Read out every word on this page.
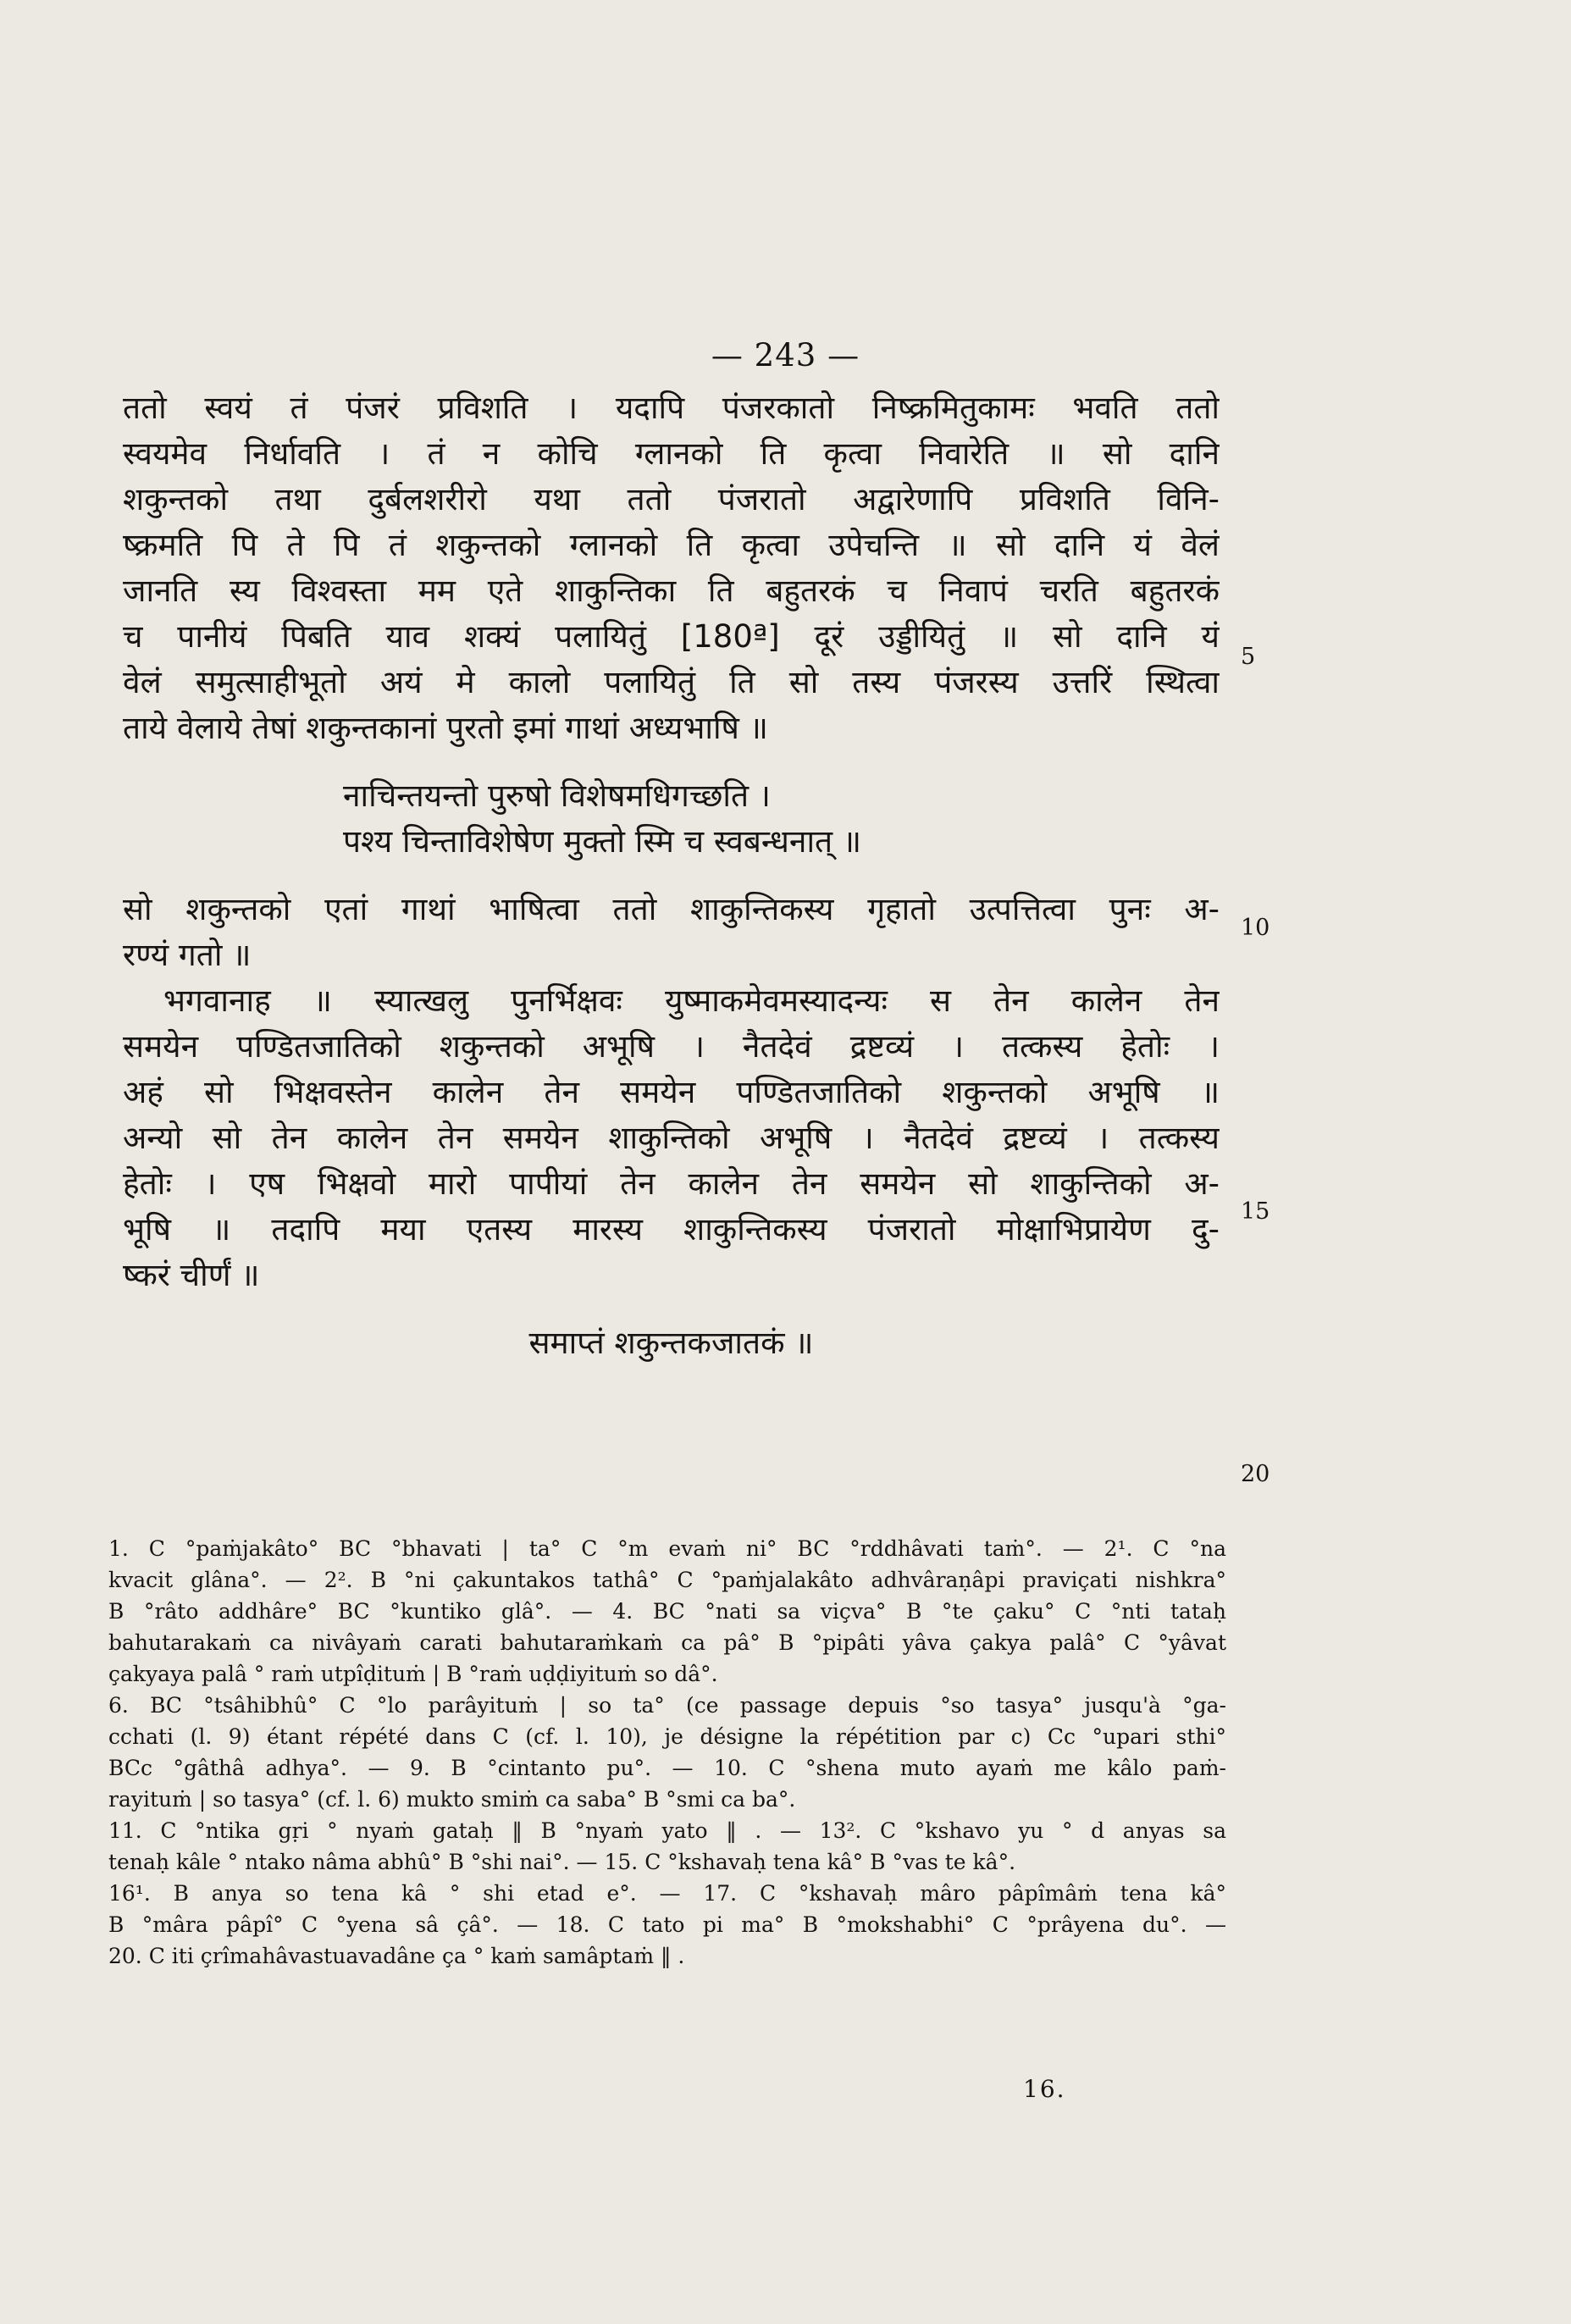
— 243 —
ततो स्वयं तं पंजरं प्रविशति । यदापि पंजरकातो निष्क्रमितुकामः भवति ततो
स्वयमेव निर्धावति । तं न कोचि ग्लानको ति कृत्वा निवारेति ॥ सो दानि
शकुन्तको तथा दुर्बलशरीरो यथा ततो पंजरातो अद्वारेणापि प्रविशति विनि-
ष्क्रमति पि ते पि तं शकुन्तको ग्लानको ति कृत्वा उपेचन्ति ॥ सो दानि यं वेलं
जानति स्य विश्वस्ता मम एते शाकुन्तिका ति बहुतरकं च निवापं चरति बहुतरकं
च पानीयं पिबति याव शक्यं पलायितुं [180ª] दूरं उड्डीयितुं ॥ सो दानि यं
वेलं समुत्साहीभूतो अयं मे कालो पलायितुं ति सो तस्य पंजरस्य उत्तरिं स्थित्वा
ताये वेलाये तेषां शकुन्तकानां पुरतो इमां गाथां अध्यभाषि ॥
नाचिन्तयन्तो पुरुषो विशेषमधिगच्छति ।
पश्य चिन्ताविशेषेण मुक्तो स्मि च स्वबन्धनात् ॥
सो शकुन्तको एतां गाथां भाषित्वा ततो शाकुन्तिकस्य गृहातो उत्पत्तित्वा पुनः अ-
रण्यं गतो ॥
भगवानाह ॥ स्यात्खलु पुनर्भिक्षवः युष्माकमेवमस्यादन्यः स तेन कालेन तेन
समयेन पण्डितजातिको शकुन्तको अभूषि । नैतदेवं द्रष्टव्यं । तत्कस्य हेतोः ।
अहं सो भिक्षवस्तेन कालेन तेन समयेन पण्डितजातिको शकुन्तको अभूषि ॥
अन्यो सो तेन कालेन तेन समयेन शाकुन्तिको अभूषि । नैतदेवं द्रष्टव्यं । तत्कस्य
हेतोः । एष भिक्षवो मारो पापीयां तेन कालेन तेन समयेन सो शाकुन्तिको अ-
भूषि ॥ तदापि मया एतस्य मारस्य शाकुन्तिकस्य पंजरातो मोक्षाभिप्रायेण दु-
ष्करं चीर्णं ॥
समाप्तं शकुन्तकजातकं ॥
5
10
15
20
1. C °paṁjakâto° BC °bhavati | ta° C °m evaṁ ni° BC °rddhâvati taṁ°. — 2¹. C °na
kvacit glâna°. — 2². B °ni çakuntakos tathâ° C °paṁjalakâto adhvâraṇâpi praviçati nishkra°
B °râto addhâre° BC °kuntiko glâ°. — 4. BC °nati sa viçva° B °te çaku° C °nti tataḥ
bahutarakaṁ ca nivâyaṁ carati bahutaraṁkaṁ ca pâ° B °pipâti yâva çakya palâ° C °yâvat
çakyaya palâ ° raṁ utpîḍituṁ | B °raṁ uḍḍiyituṁ so dâ°.
6. BC °tsâhibhû° C °lo parâyituṁ | so ta° (ce passage depuis °so tasya° jusqu'à °ga-
cchati (l. 9) étant répété dans C (cf. l. 10), je désigne la répétition par c) Cc °upari sthi°
BCc °gâthâ adhya°. — 9. B °cintanto pu°. — 10. C °shena muto ayaṁ me kâlo paṁ-
rayituṁ | so tasya° (cf. l. 6) mukto smiṁ ca saba° B °smi ca ba°.
11. C °ntika gṛi ° nyaṁ gataḥ ‖ B °nyaṁ yato ‖ . — 13². C °kshavo yu ° d anyas sa
tenaḥ kâle ° ntako nâma abhû° B °shi nai°. — 15. C °kshavaḥ tena kâ° B °vas te kâ°.
16¹. B anya so tena kâ ° shi etad e°. — 17. C °kshavaḥ mâro pâpîmâṁ tena kâ°
B °mâra pâpî° C °yena sâ çâ°. — 18. C tato pi ma° B °mokshabhi° C °prâyena du°. —
20. C iti çrîmahâvastuavadâne ça ° kaṁ samâptaṁ ‖ .
16.
